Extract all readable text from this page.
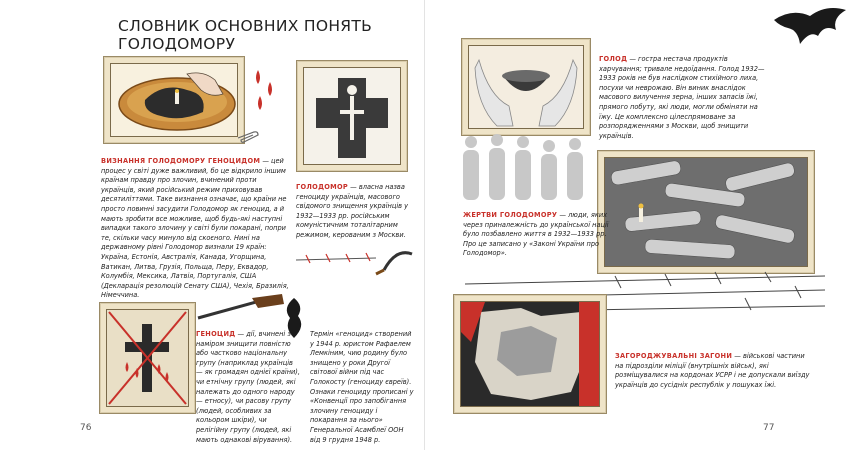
СЛОВНИК ОСНОВНИХ ПОНЯТЬ ГОЛОДОМОРУ
ВИЗНАННЯ ГОЛОДОМОРУ ГЕНОЦИДОМ — цей процес у світі дуже важливий, бо це відкрило іншим країнам правду про злочин, вчинений проти українців, який російський режим приховував десятиліттями. Таке визнання означає, що країни не просто повинні засудити Голодомор як геноцид, а й мають зробити все можливе, щоб будь-які наступні випадки такого злочину у світі були покарані, попри те, скільки часу минуло від скоєного. Нині на державному рівні Голодомор визнали 19 країн: Україна, Естонія, Австралія, Канада, Угорщина, Ватикан, Литва, Грузія, Польща, Перу, Еквадор, Колумбія, Мексика, Латвія, Португалія, США (Декларація резолюцій Сенату США), Чехія, Бразилія, Німеччина.
ГОЛОДОМОР — власна назва геноциду українців, масового свідомого знищення українців у 1932—1933 рр. російським комуністичним тоталітарним режимом, керованим з Москви.
ГЕНОЦИД — дії, вчинені з наміром знищити повністю або частково національну групу (наприклад українців — як громадян однієї країни), чи етнічну групу (людей, які належать до одного народу — етносу), чи расову групу (людей, особливих за кольором шкіри), чи релігійну групу (людей, які мають однакові вірування). Термін «геноцид» створений у 1944 р. юристом Рафаелем Лемкіним, чию родину було знищено у роки Другої світової війни під час Голокосту (геноциду євреїв). Ознаки геноциду прописані у «Конвенції про запобігання злочину геноциду і покарання за нього» Генеральної Асамблеї ООН від 9 грудня 1948 р.
76
ГОЛОД — гостра нестача продуктів харчування; тривале недоїдання. Голод 1932—1933 років не був наслідком стихійного лиха, посухи чи неврожаю. Він виник внаслідок масового вилучення зерна, інших запасів їжі, прямого побуту, які люди, могли обміняти на їжу. Це комплексно цілеспрямоване за розпорядженнями з Москви, щоб знищити українців.
ЖЕРТВИ ГОЛОДОМОРУ — люди, яких через приналежність до української нації було позбавлено життя в 1932—1933 рр. Про це записано у «Законі України про Голодомор».
ЗАГОРОДЖУВАЛЬНІ ЗАГОНИ — військові частини на підрозділи міліції (внутрішніх військ), які розміщувалися на кордонах УСРР і не допускали виїзду українців до сусідніх республік у пошуках їжі.
77
